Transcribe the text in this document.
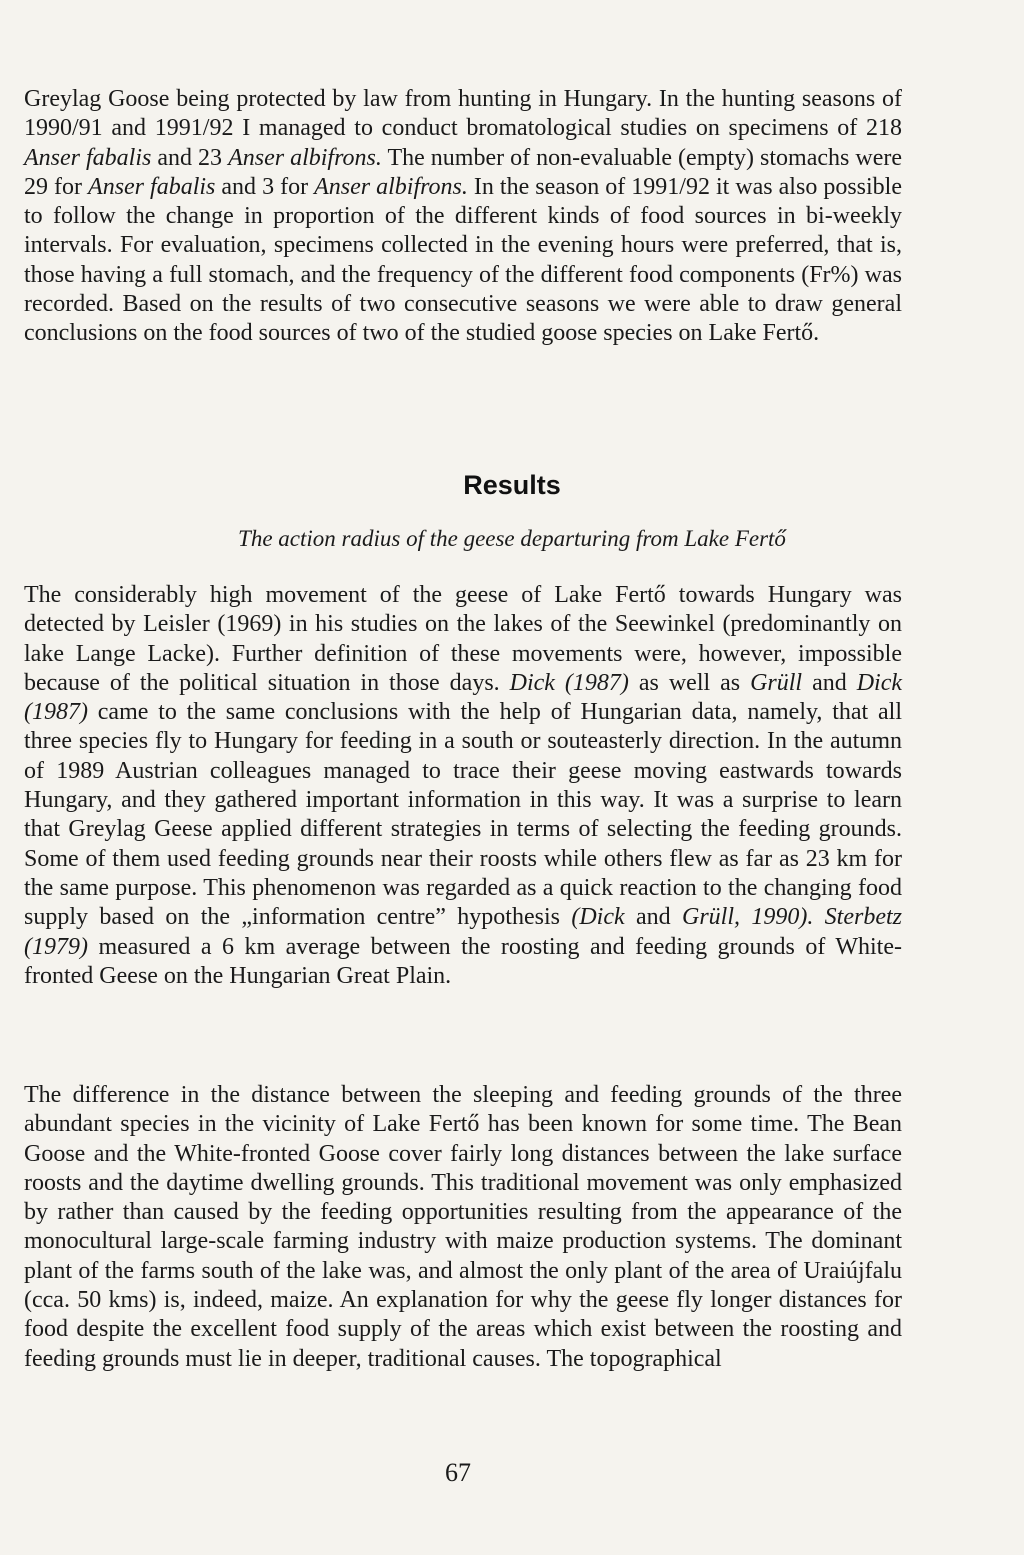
Greylag Goose being protected by law from hunting in Hungary. In the hunting seasons of 1990/91 and 1991/92 I managed to conduct bromatological studies on specimens of 218 Anser fabalis and 23 Anser albifrons. The number of non-evaluable (empty) stomachs were 29 for Anser fabalis and 3 for Anser albifrons. In the season of 1991/92 it was also possible to follow the change in proportion of the different kinds of food sources in bi-weekly intervals. For evaluation, specimens collected in the evening hours were preferred, that is, those having a full stomach, and the frequency of the different food components (Fr%) was recorded. Based on the results of two consecutive seasons we were able to draw general conclusions on the food sources of two of the studied goose species on Lake Fertő.

Results
The action radius of the geese departuring from Lake Fertő

The considerably high movement of the geese of Lake Fertő towards Hungary was detected by Leisler (1969) in his studies on the lakes of the Seewinkel (predominantly on lake Lange Lacke). Further definition of these movements were, however, impossible because of the political situation in those days. Dick (1987) as well as Grüll and Dick (1987) came to the same conclusions with the help of Hungarian data, namely, that all three species fly to Hungary for feeding in a south or souteasterly direction. In the autumn of 1989 Austrian colleagues managed to trace their geese moving eastwards towards Hungary, and they gathered important information in this way. It was a surprise to learn that Greylag Geese applied different strategies in terms of selecting the feeding grounds. Some of them used feeding grounds near their roosts while others flew as far as 23 km for the same purpose. This phenomenon was regarded as a quick reaction to the changing food supply based on the „information centre” hypothesis (Dick and Grüll, 1990). Sterbetz (1979) measured a 6 km average between the roosting and feeding grounds of White-fronted Geese on the Hungarian Great Plain.

The difference in the distance between the sleeping and feeding grounds of the three abundant species in the vicinity of Lake Fertő has been known for some time. The Bean Goose and the White-fronted Goose cover fairly long distances between the lake surface roosts and the daytime dwelling grounds. This traditional movement was only emphasized by rather than caused by the feeding opportunities resulting from the appearance of the monocultural large-scale farming industry with maize production systems. The dominant plant of the farms south of the lake was, and almost the only plant of the area of Uraiújfalu (cca. 50 kms) is, indeed, maize. An explanation for why the geese fly longer distances for food despite the excellent food supply of the areas which exist between the roosting and feeding grounds must lie in deeper, traditional causes. The topographical

67
